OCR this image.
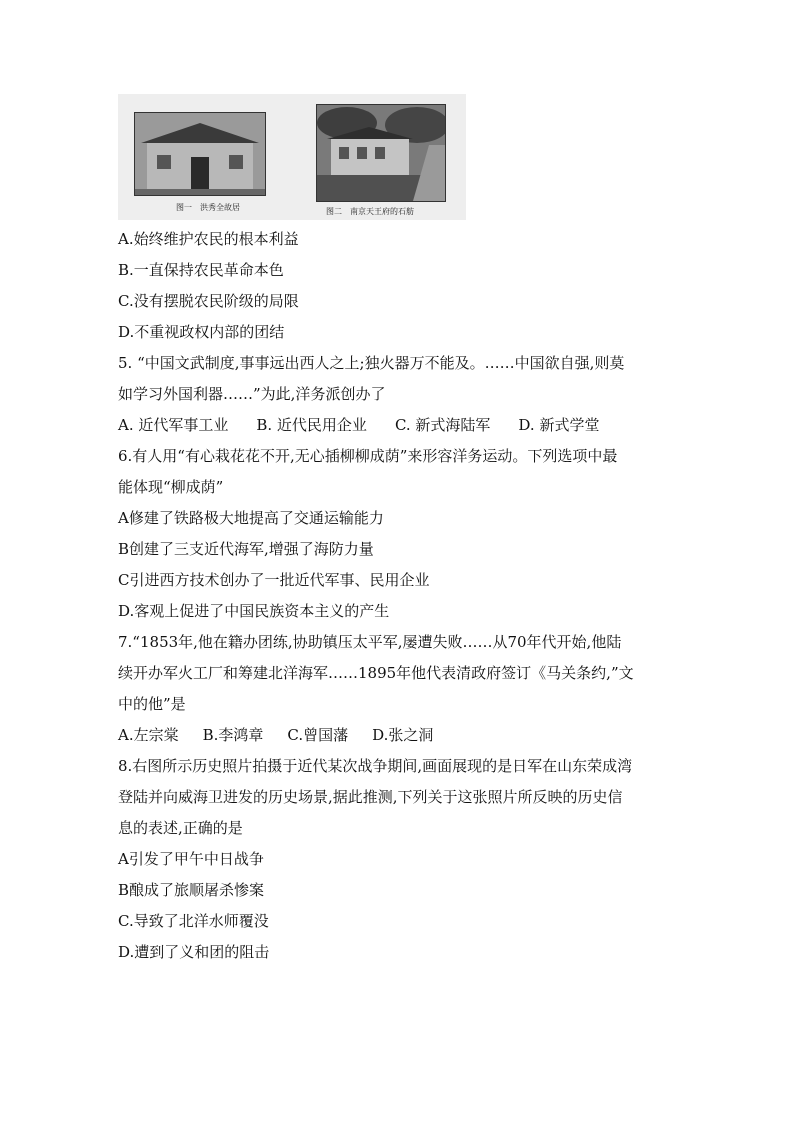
图一　洪秀全故居	图二　南京天王府的石舫
A.始终维护农民的根本利益
B.一直保持农民革命本色
C.没有摆脱农民阶级的局限
D.不重视政权内部的团结
5. “中国文武制度,事事远出西人之上;独火器万不能及。……中国欲自强,则莫
如学习外国利器……”为此,洋务派创办了
A. 近代军事工业 B. 近代民用企业 C. 新式海陆军 D. 新式学堂
6.有人用“有心栽花花不开,无心插柳柳成荫”来形容洋务运动。下列选项中最
能体现“柳成荫”
A修建了铁路极大地提高了交通运输能力
B创建了三支近代海军,增强了海防力量
C引进西方技术创办了一批近代军事、民用企业
D.客观上促进了中国民族资本主义的产生
7.“1853年,他在籍办团练,协助镇压太平军,屡遭失败……从70年代开始,他陆
续开办军火工厂和筹建北洋海军……1895年他代表清政府签订《马关条约,”文
中的他”是
A.左宗棠 B.李鸿章 C.曾国藩 D.张之洞
8.右图所示历史照片拍摄于近代某次战争期间,画面展现的是日军在山东荣成湾
登陆并向威海卫进发的历史场景,据此推测,下列关于这张照片所反映的历史信
息的表述,正确的是
A引发了甲午中日战争
B酿成了旅顺屠杀惨案
C.导致了北洋水师覆没
D.遭到了义和团的阻击
